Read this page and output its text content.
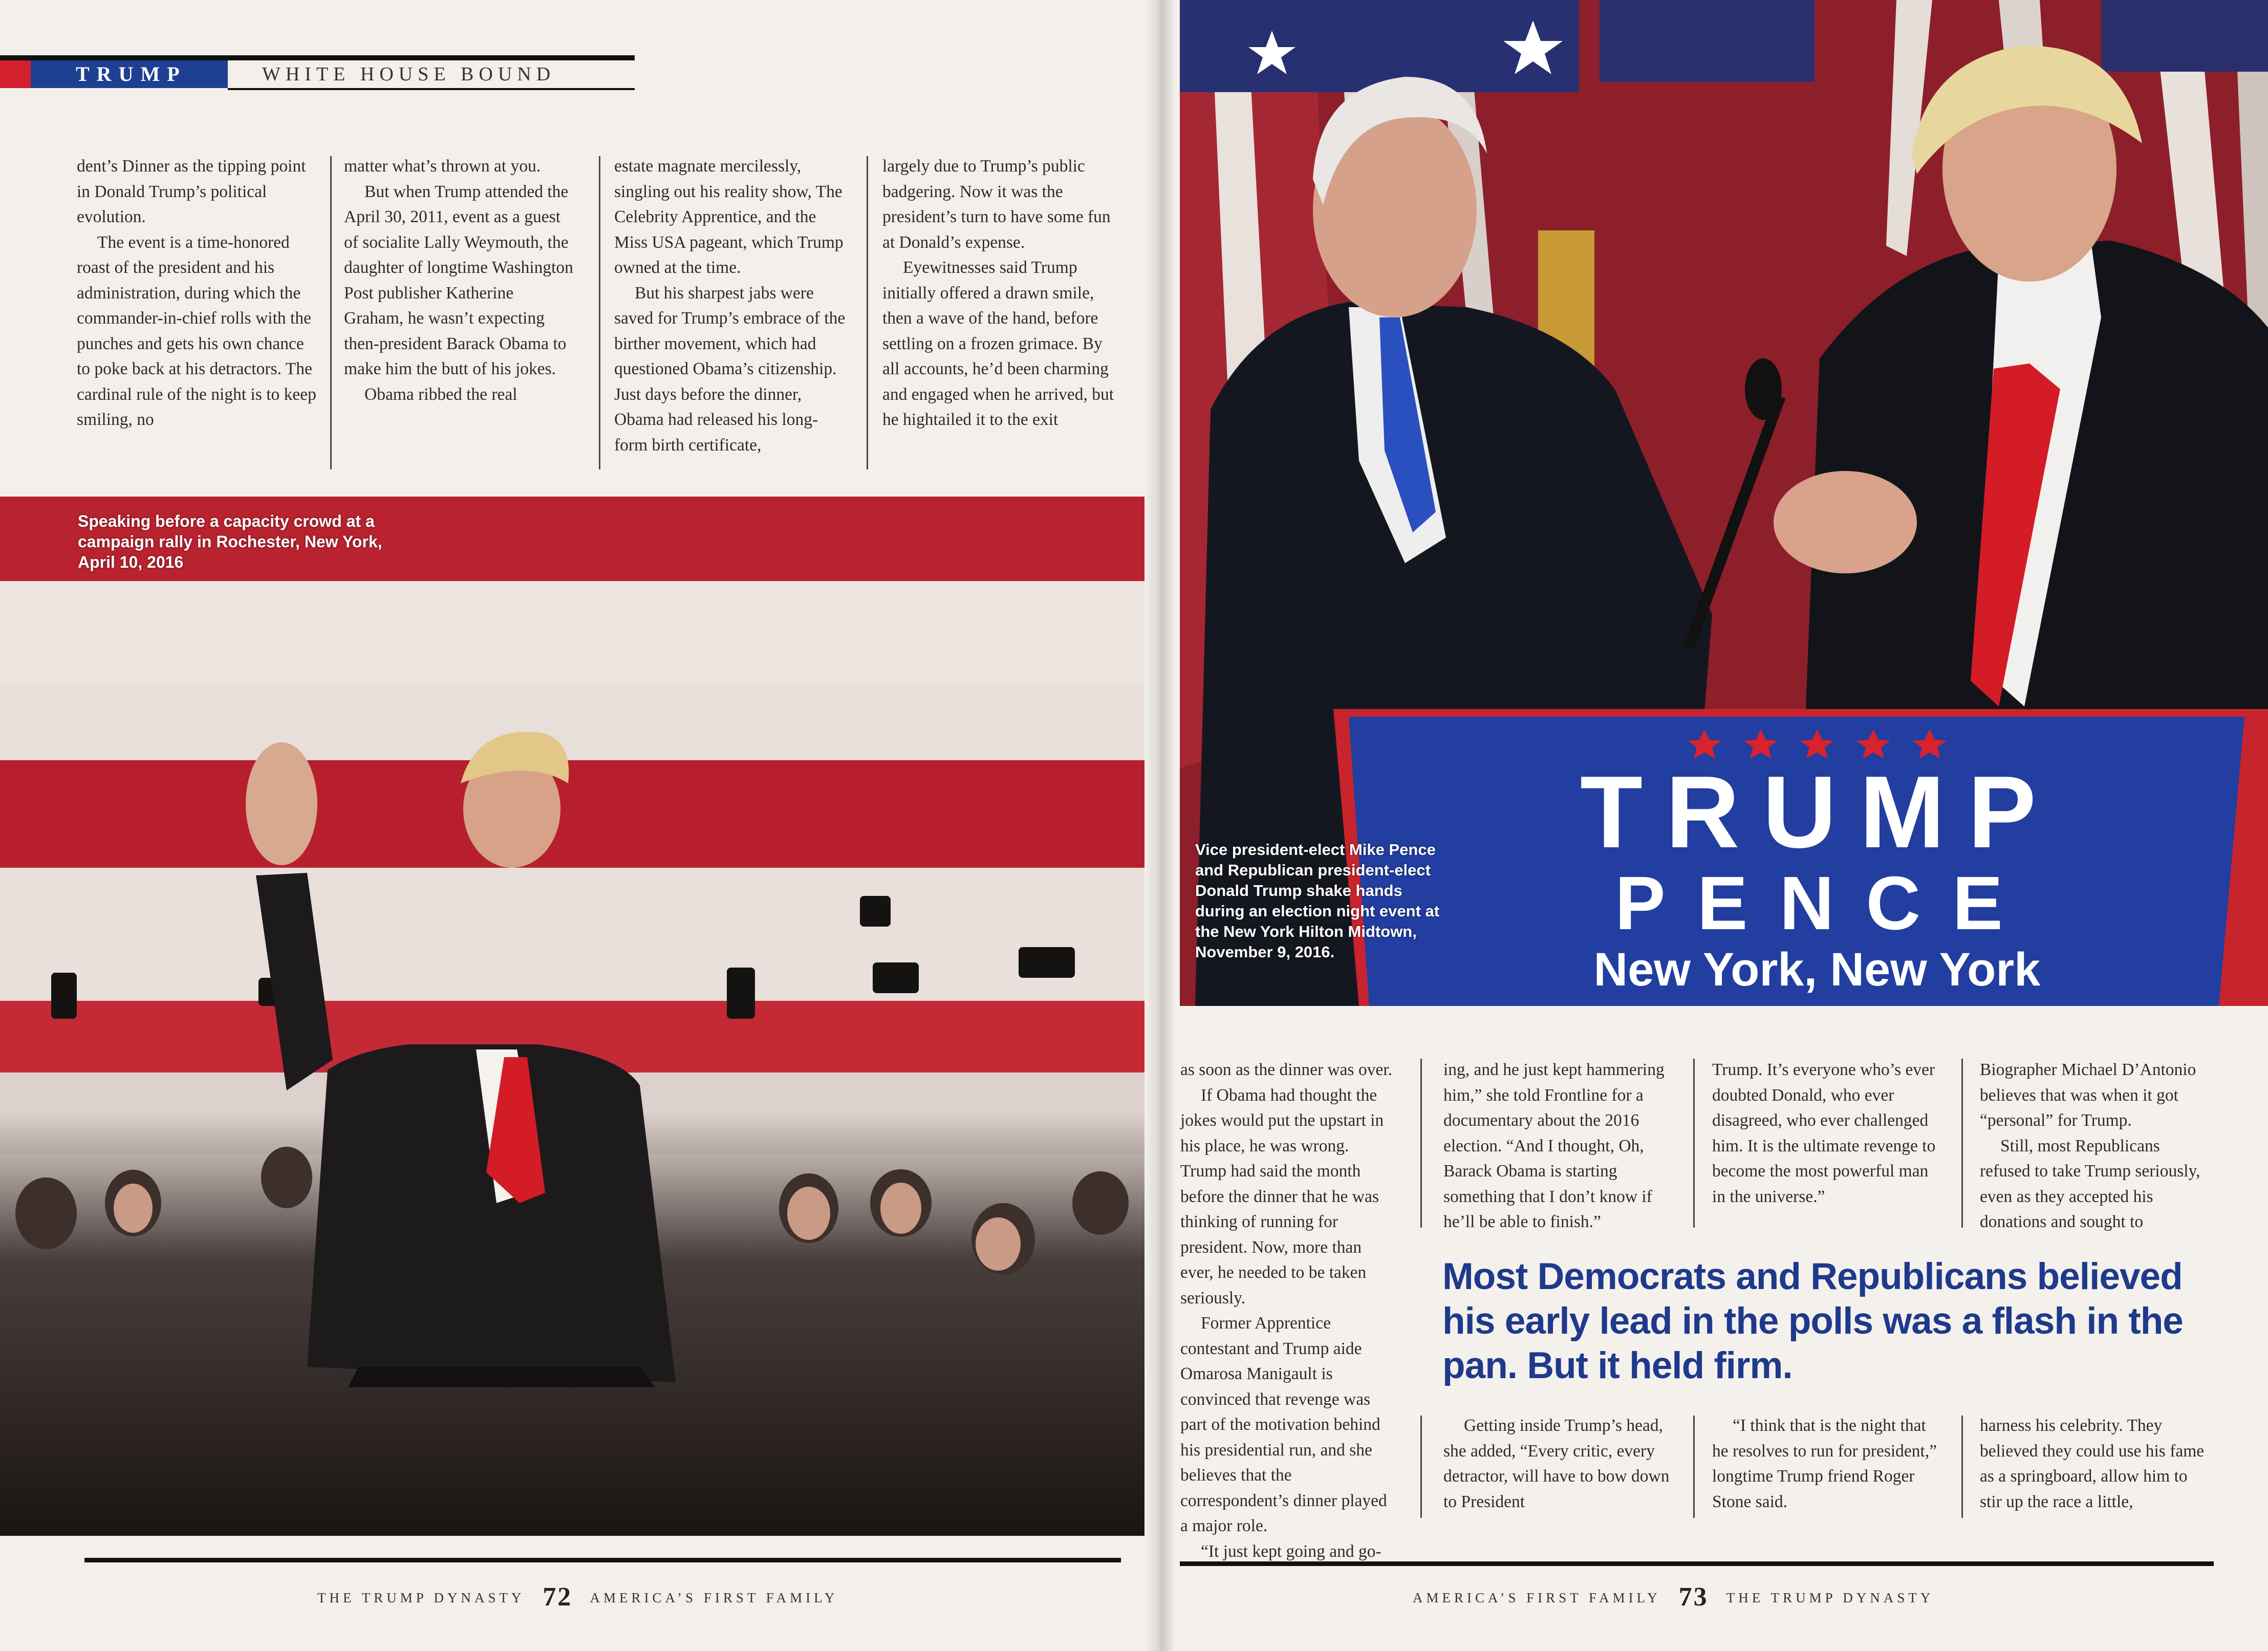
TRUMP	WHITE HOUSE BOUND

dent’s Dinner as the tipping point in Donald Trump’s political evolution.

The event is a time-honored roast of the president and his administration, during which the commander-in-chief rolls with the punches and gets his own chance to poke back at his detractors. The cardinal rule of the night is to keep smiling, no

matter what’s thrown at you.

But when Trump attended the April 30, 2011, event as a guest of socialite Lally Weymouth, the daughter of longtime Washington Post publisher Katherine Graham, he wasn’t expecting then-president Barack Obama to make him the butt of his jokes.

Obama ribbed the real

estate magnate mercilessly, singling out his reality show, The Celebrity Apprentice, and the Miss USA pageant, which Trump owned at the time.

But his sharpest jabs were saved for Trump’s embrace of the birther movement, which had questioned Obama’s citizenship. Just days before the dinner, Obama had released his long-form birth certificate,

largely due to Trump’s public badgering. Now it was the president’s turn to have some fun at Donald’s expense.

Eyewitnesses said Trump initially offered a drawn smile, then a wave of the hand, before settling on a frozen grimace. By all accounts, he’d been charming and engaged when he arrived, but he hightailed it to the exit

Speaking before a capacity crowd at a campaign rally in Rochester, New York, April 10, 2016
THE TRUMP DYNASTY 72 AMERICA’S FIRST FAMILY
TRUMP
PENCE
New York, New York
Vice president-elect Mike Pence and Republican president-elect Donald Trump shake hands during an election night event at the New York Hilton Midtown, November 9, 2016.

as soon as the dinner was over.

If Obama had thought the jokes would put the upstart in his place, he was wrong. Trump had said the month before the dinner that he was thinking of running for president. Now, more than ever, he needed to be taken seriously.

Former Apprentice contestant and Trump aide Omarosa Manigault is convinced that revenge was part of the motivation behind his presidential run, and she believes that the correspondent’s dinner played a major role.

“It just kept going and go-

ing, and he just kept hammering him,” she told Frontline for a documentary about the 2016 election. “And I thought, Oh, Barack Obama is starting something that I don’t know if he’ll be able to finish.”

Trump. It’s everyone who’s ever doubted Donald, who ever disagreed, who ever challenged him. It is the ultimate revenge to become the most powerful man in the universe.”

Biographer Michael D’Antonio believes that was when it got “personal” for Trump.

Still, most Republicans refused to take Trump seriously, even as they accepted his donations and sought to

Getting inside Trump’s head, she added, “Every critic, every detractor, will have to bow down to President

“I think that is the night that he resolves to run for president,” longtime Trump friend Roger Stone said.

harness his celebrity. They believed they could use his fame as a springboard, allow him to stir up the race a little,

AMERICA’S FIRST FAMILY 73 THE TRUMP DYNASTY
Most Democrats and Republicans believed his early lead in the polls was a flash in the pan. But it held firm.
